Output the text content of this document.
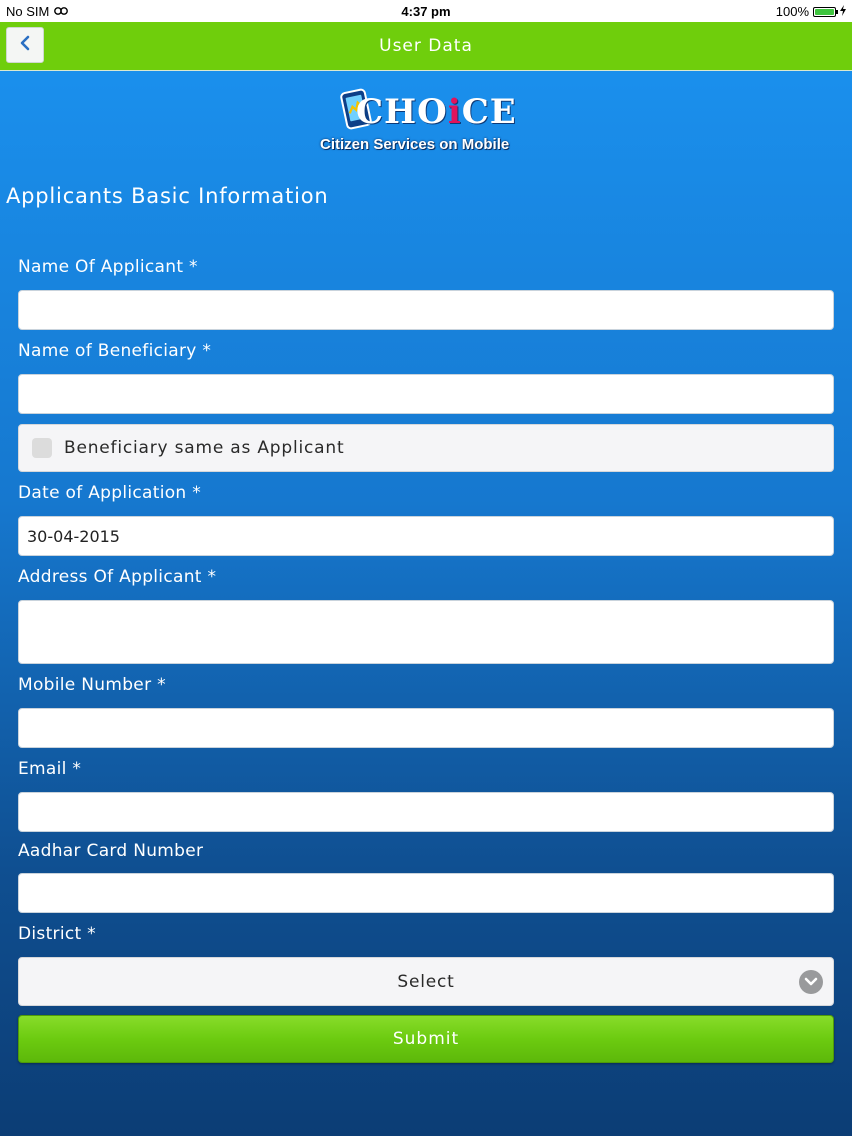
No SIM	4:37 pm	100%
User Data
CHOiCE
Citizen Services on Mobile
Applicants Basic Information
Name Of Applicant *
Name of Beneficiary *
Beneficiary same as Applicant
Date of Application *
30-04-2015
Address Of Applicant *
Mobile Number *
Email *
Aadhar Card Number
District *
Select
Submit
